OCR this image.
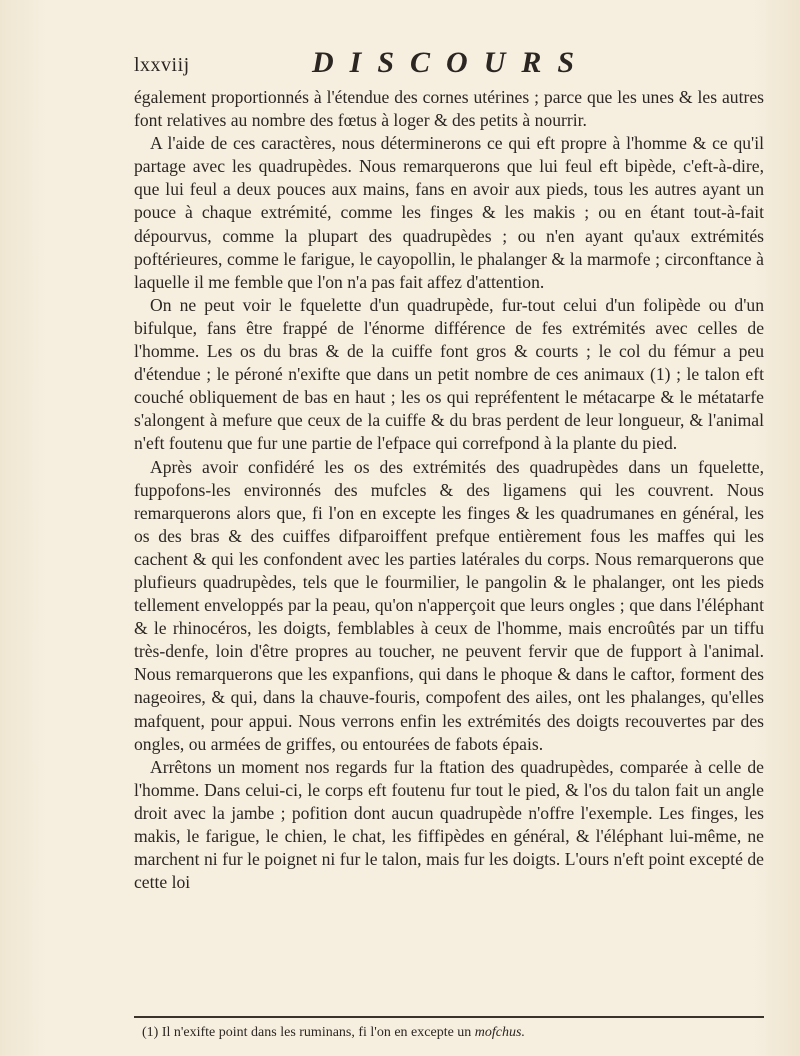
lxxviij	DISCOURS

également proportionnés à l'étendue des cornes utérines ; parce que les unes & les autres font relatives au nombre des fœtus à loger & des petits à nourrir.

A l'aide de ces caractères, nous déterminerons ce qui eft propre à l'homme & ce qu'il partage avec les quadrupèdes. Nous remarquerons que lui feul eft bipède, c'eft-à-dire, que lui feul a deux pouces aux mains, fans en avoir aux pieds, tous les autres ayant un pouce à chaque extrémité, comme les finges & les makis ; ou en étant tout-à-fait dépourvus, comme la plupart des quadrupèdes ; ou n'en ayant qu'aux extrémités poftérieures, comme le farigue, le cayopollin, le phalanger & la marmofe ; circonftance à laquelle il me femble que l'on n'a pas fait affez d'attention.

On ne peut voir le fquelette d'un quadrupède, fur-tout celui d'un folipède ou d'un bifulque, fans être frappé de l'énorme différence de fes extrémités avec celles de l'homme. Les os du bras & de la cuiffe font gros & courts ; le col du fémur a peu d'étendue ; le péroné n'exifte que dans un petit nombre de ces animaux (1) ; le talon eft couché obliquement de bas en haut ; les os qui repréfentent le métacarpe & le métatarfe s'alongent à mefure que ceux de la cuiffe & du bras perdent de leur longueur, & l'animal n'eft foutenu que fur une partie de l'efpace qui correfpond à la plante du pied.

Après avoir confidéré les os des extrémités des quadrupèdes dans un fquelette, fuppofons-les environnés des mufcles & des ligamens qui les couvrent. Nous remarquerons alors que, fi l'on en excepte les finges & les quadrumanes en général, les os des bras & des cuiffes difparoiffent prefque entièrement fous les maffes qui les cachent & qui les confondent avec les parties latérales du corps. Nous remarquerons que plufieurs quadrupèdes, tels que le fourmilier, le pangolin & le phalanger, ont les pieds tellement enveloppés par la peau, qu'on n'apperçoit que leurs ongles ; que dans l'éléphant & le rhinocéros, les doigts, femblables à ceux de l'homme, mais encroûtés par un tiffu très-denfe, loin d'être propres au toucher, ne peuvent fervir que de fupport à l'animal. Nous remarquerons que les expanfions, qui dans le phoque & dans le caftor, forment des nageoires, & qui, dans la chauve-fouris, compofent des ailes, ont les phalanges, qu'elles mafquent, pour appui. Nous verrons enfin les extrémités des doigts recouvertes par des ongles, ou armées de griffes, ou entourées de fabots épais.

Arrêtons un moment nos regards fur la ftation des quadrupèdes, comparée à celle de l'homme. Dans celui-ci, le corps eft foutenu fur tout le pied, & l'os du talon fait un angle droit avec la jambe ; pofition dont aucun quadrupède n'offre l'exemple. Les finges, les makis, le farigue, le chien, le chat, les fiffipèdes en général, & l'éléphant lui-même, ne marchent ni fur le poignet ni fur le talon, mais fur les doigts. L'ours n'eft point excepté de cette loi

(1) Il n'exifte point dans les ruminans, fi l'on en excepte un mofchus.
